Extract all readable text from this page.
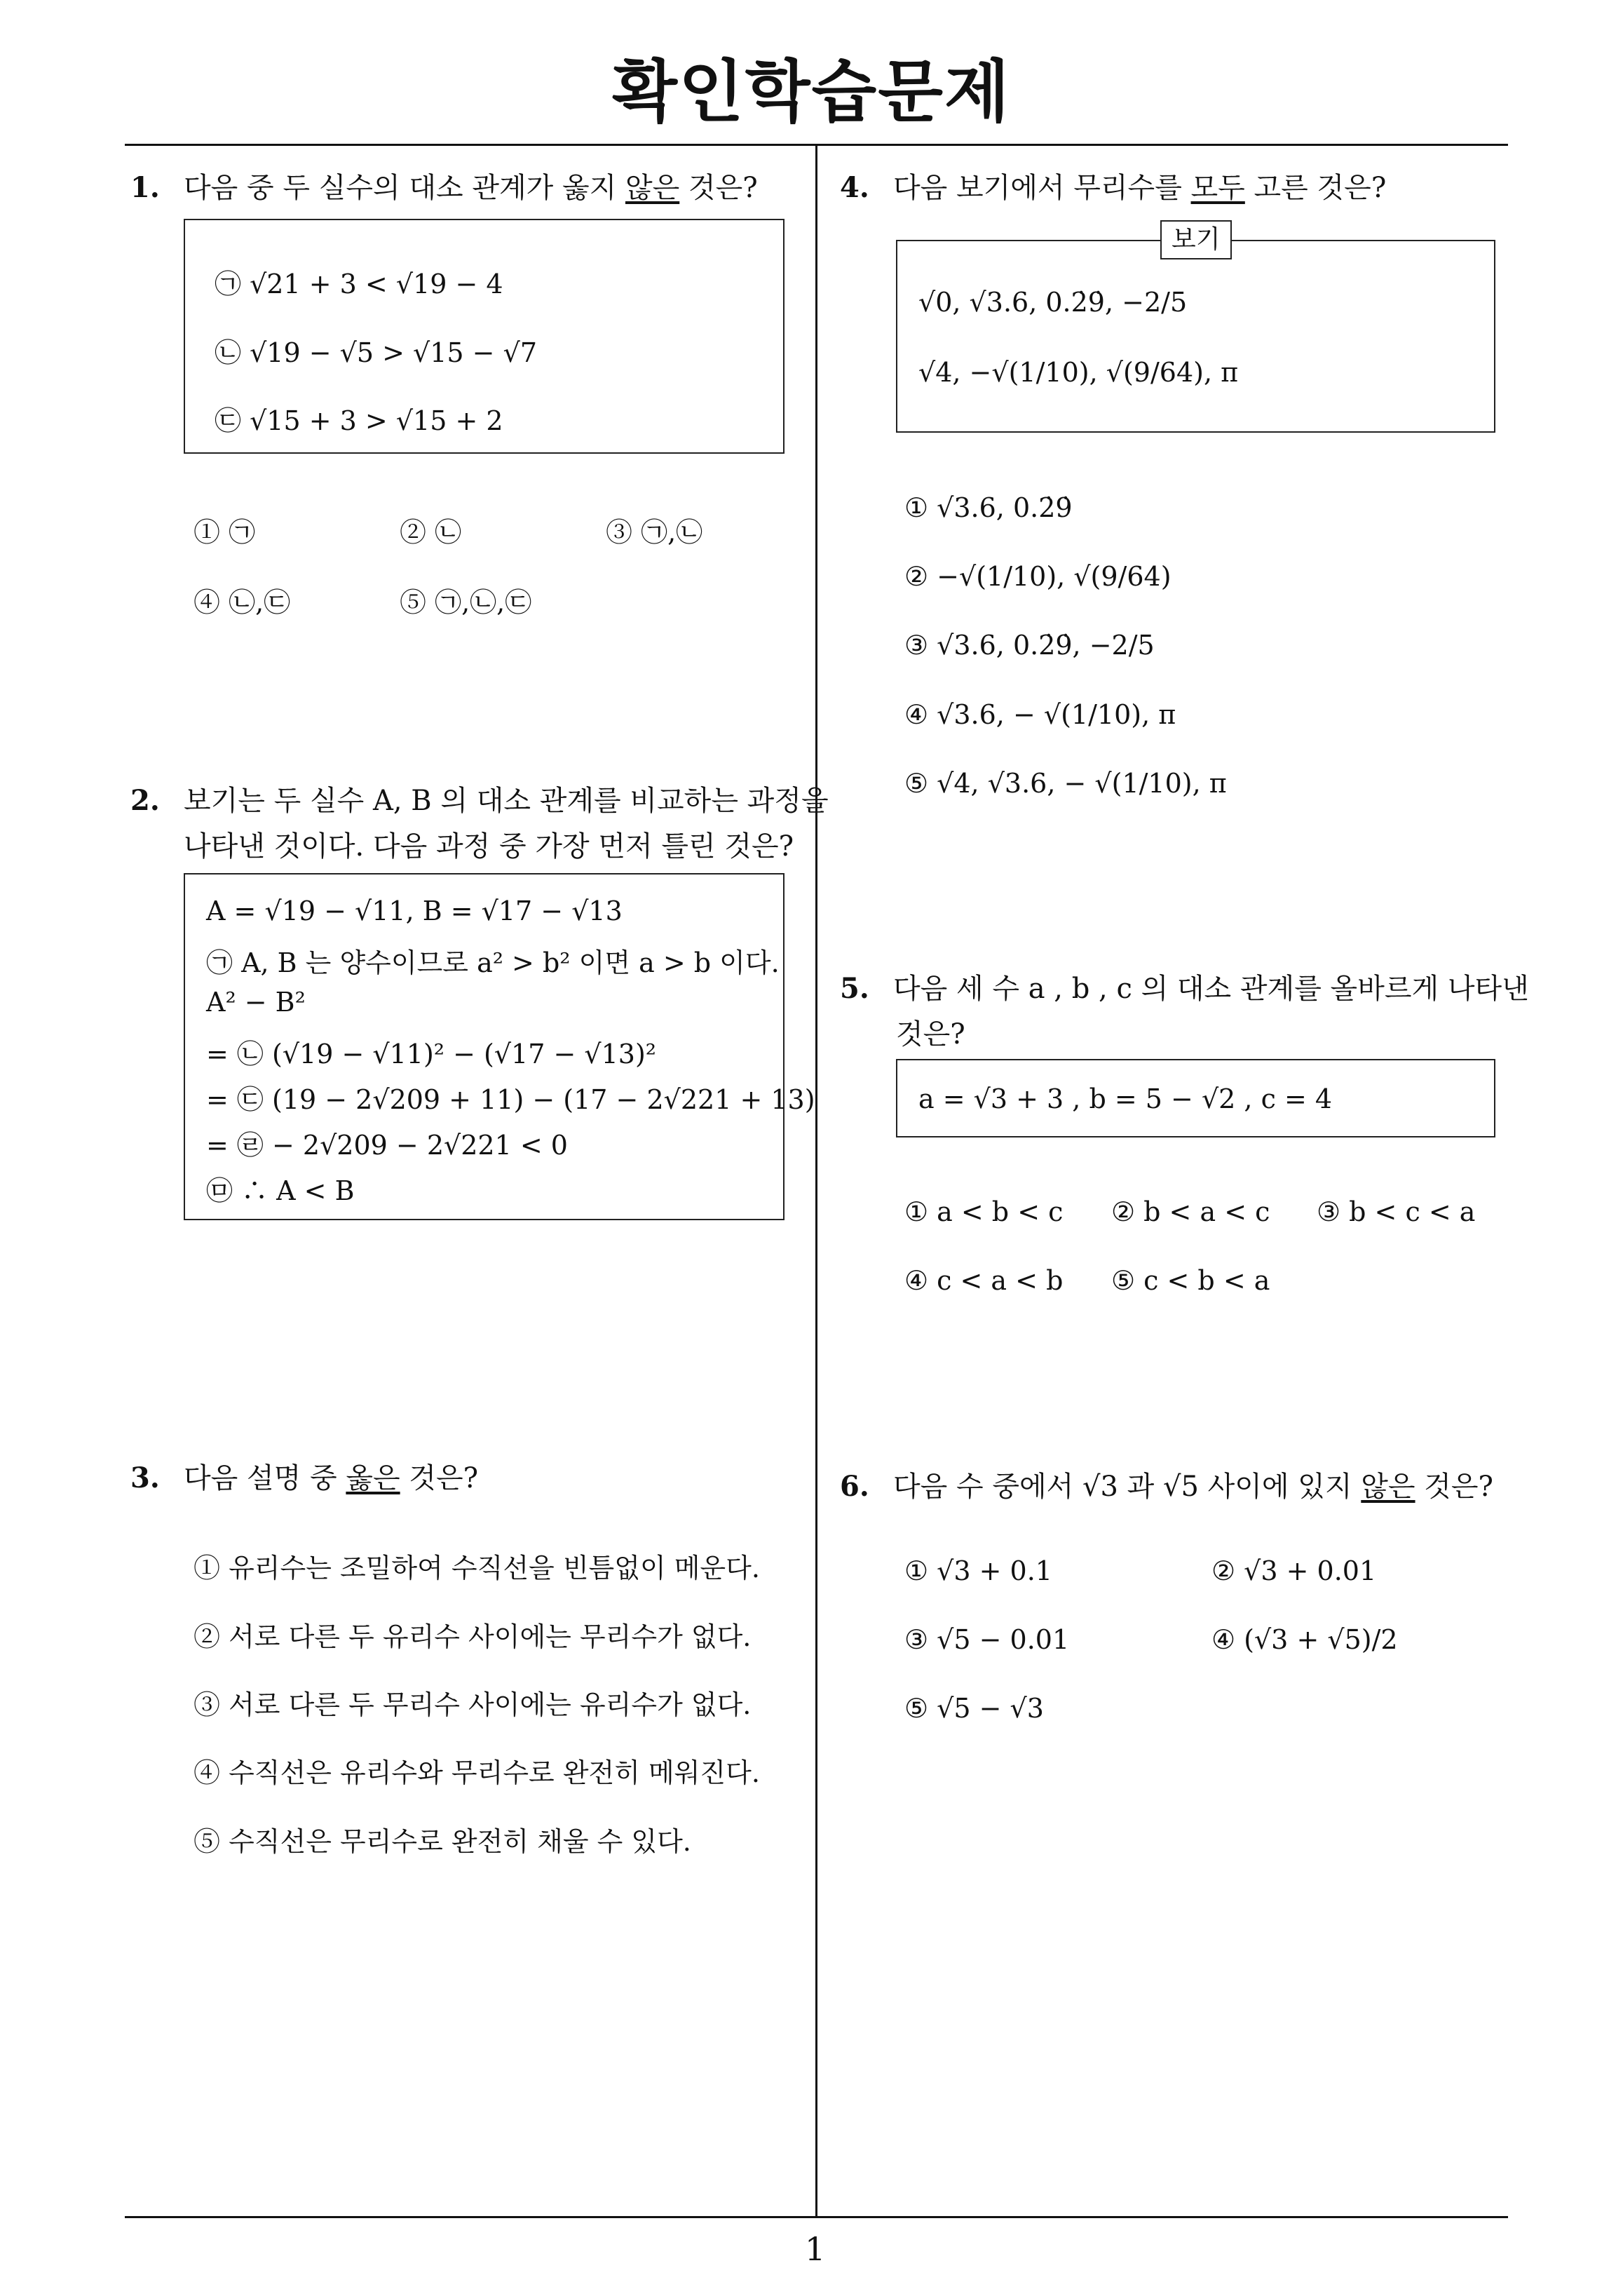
확인학습문제
1
1. 다음 중 두 실수의 대소 관계가 옳지 않은 것은?
㉠ √21 + 3 < √19 − 4
㉡ √19 − √5 > √15 − √7
㉢ √15 + 3 > √15 + 2
① ㉠	② ㉡	③ ㉠,㉡
④ ㉡,㉢	⑤ ㉠,㉡,㉢
2. 보기는 두 실수 A, B 의 대소 관계를 비교하는 과정을
나타낸 것이다. 다음 과정 중 가장 먼저 틀린 것은?
A = √19 − √11, B = √17 − √13
㉠ A, B 는 양수이므로 a² > b² 이면 a > b 이다.
A² − B²
= ㉡ (√19 − √11)² − (√17 − √13)²
= ㉢ (19 − 2√209 + 11) − (17 − 2√221 + 13)
= ㉣ − 2√209 − 2√221 < 0
㉤ ∴ A < B
3. 다음 설명 중 옳은 것은?
① 유리수는 조밀하여 수직선을 빈틈없이 메운다.
② 서로 다른 두 유리수 사이에는 무리수가 없다.
③ 서로 다른 두 무리수 사이에는 유리수가 없다.
④ 수직선은 유리수와 무리수로 완전히 메워진다.
⑤ 수직선은 무리수로 완전히 채울 수 있다.
4. 다음 보기에서 무리수를 모두 고른 것은?
√0, √3.6, 0.2̇9̇, −2/5
√4, −√(1/10), √(9/64), π
보기
① √3.6, 0.2̇9̇
② −√(1/10), √(9/64)
③ √3.6, 0.2̇9̇, −2/5
④ √3.6, − √(1/10), π
⑤ √4, √3.6, − √(1/10), π
5. 다음 세 수 a , b , c 의 대소 관계를 올바르게 나타낸
것은?
a = √3 + 3 , b = 5 − √2 , c = 4
① a < b < c ② b < a < c ③ b < c < a
④ c < a < b ⑤ c < b < a
6. 다음 수 중에서 √3 과 √5 사이에 있지 않은 것은?
① √3 + 0.1	② √3 + 0.01
③ √5 − 0.01	④ (√3 + √5)/2
⑤ √5 − √3
